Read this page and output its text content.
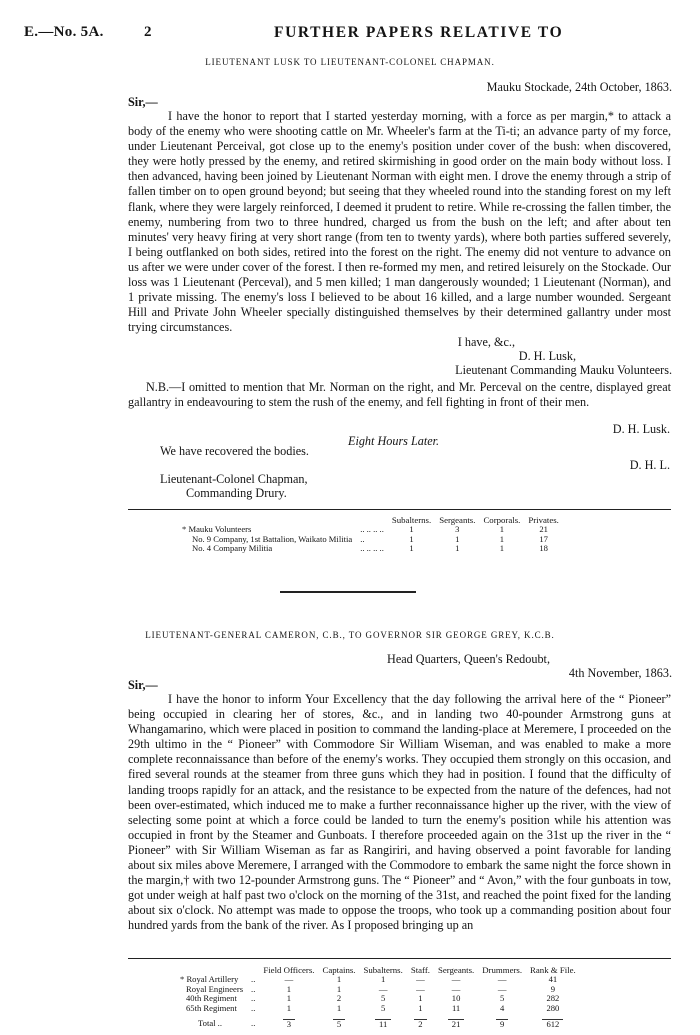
E.—No. 5A.	2	FURTHER PAPERS RELATIVE TO
LIEUTENANT LUSK TO LIEUTENANT-COLONEL CHAPMAN.
Mauku Stockade, 24th October, 1863.
Sir,—
I have the honor to report that I started yesterday morning, with a force as per margin,* to attack a body of the enemy who were shooting cattle on Mr. Wheeler's farm at the Ti-ti; an advance party of my force, under Lieutenant Perceival, got close up to the enemy's position under cover of the bush: when discovered, they were hotly pressed by the enemy, and retired skirmishing in good order on the main body without loss. I then advanced, having been joined by Lieutenant Norman with eight men. I drove the enemy through a strip of fallen timber on to open ground beyond; but seeing that they wheeled round into the standing forest on my left flank, where they were largely reinforced, I deemed it prudent to retire. While re-crossing the fallen timber, the enemy, numbering from two to three hundred, charged us from the bush on the left; and after about ten minutes' very heavy firing at very short range (from ten to twenty yards), where both parties suffered severely, I being outflanked on both sides, retired into the forest on the right. The enemy did not venture to advance on us after we were under cover of the forest. I then re-formed my men, and retired leisurely on the Stockade. Our loss was 1 Lieutenant (Perceval), and 5 men killed; 1 man dangerously wounded; 1 Lieutenant (Norman), and 1 private missing. The enemy's loss I believed to be about 16 killed, and a large number wounded. Sergeant Hill and Private John Wheeler specially distinguished themselves by their determined gallantry under most trying circumstances.
I have, &c.,
D. H. Lusk,
Lieutenant Commanding Mauku Volunteers.
N.B.—I omitted to mention that Mr. Norman on the right, and Mr. Perceval on the centre, displayed great gallantry in endeavouring to stem the rush of the enemy, and fell fighting in front of their men.
D. H. Lusk.
Eight Hours Later.
We have recovered the bodies.
D. H. L.
Lieutenant-Colonel Chapman,
Commanding Drury.
		Subalterns.	Sergeants.	Corporals.	Privates.
* Mauku Volunteers	.. .. .. ..	1	3	1	21
No. 9 Company, 1st Battalion, Waikato Militia	..	1	1	1	17
No. 4 Company Militia	.. .. .. ..	1	1	1	18
LIEUTENANT-GENERAL CAMERON, C.B., TO GOVERNOR SIR GEORGE GREY, K.C.B.
Head Quarters, Queen's Redoubt,
4th November, 1863.
Sir,—
I have the honor to inform Your Excellency that the day following the arrival here of the “ Pioneer” being occupied in clearing her of stores, &c., and in landing two 40-pounder Armstrong guns at Whangamarino, which were placed in position to command the landing-place at Meremere, I proceeded on the 29th ultimo in the “ Pioneer” with Commodore Sir William Wiseman, and was enabled to make a more complete reconnaissance than before of the enemy's works. They occupied them strongly on this occasion, and fired several rounds at the steamer from three guns which they had in position. I found that the difficulty of landing troops rapidly for an attack, and the resistance to be expected from the nature of the defences, had not been over-estimated, which induced me to make a further reconnaissance higher up the river, with the view of selecting some point at which a force could be landed to turn the enemy's position while his attention was occupied in front by the Steamer and Gunboats. I therefore proceeded again on the 31st up the river in the “ Pioneer” with Sir William Wiseman as far as Rangiriri, and having observed a point favorable for landing about six miles above Meremere, I arranged with the Commodore to embark the same night the force shown in the margin,† with two 12-pounder Armstrong guns. The “ Pioneer” and “ Avon,” with the four gunboats in tow, got under weigh at half past two o'clock on the morning of the 31st, and reached the point fixed for the landing about six o'clock. No attempt was made to oppose the troops, who took up a commanding position about four hundred yards from the bank of the river. As I proposed bringing up an
		Field Officers.	Captains.	Subalterns.	Staff.	Sergeants.	Drummers.	Rank & File.
* Royal Artillery	..	—	1	1	—	—	—	41
Royal Engineers	..	1	1	—	—	—	—	9
40th Regiment	..	1	2	5	1	10	5	282
65th Regiment	..	1	1	5	1	11	4	280
Total ..	..	3	5	11	2	21	9	612
